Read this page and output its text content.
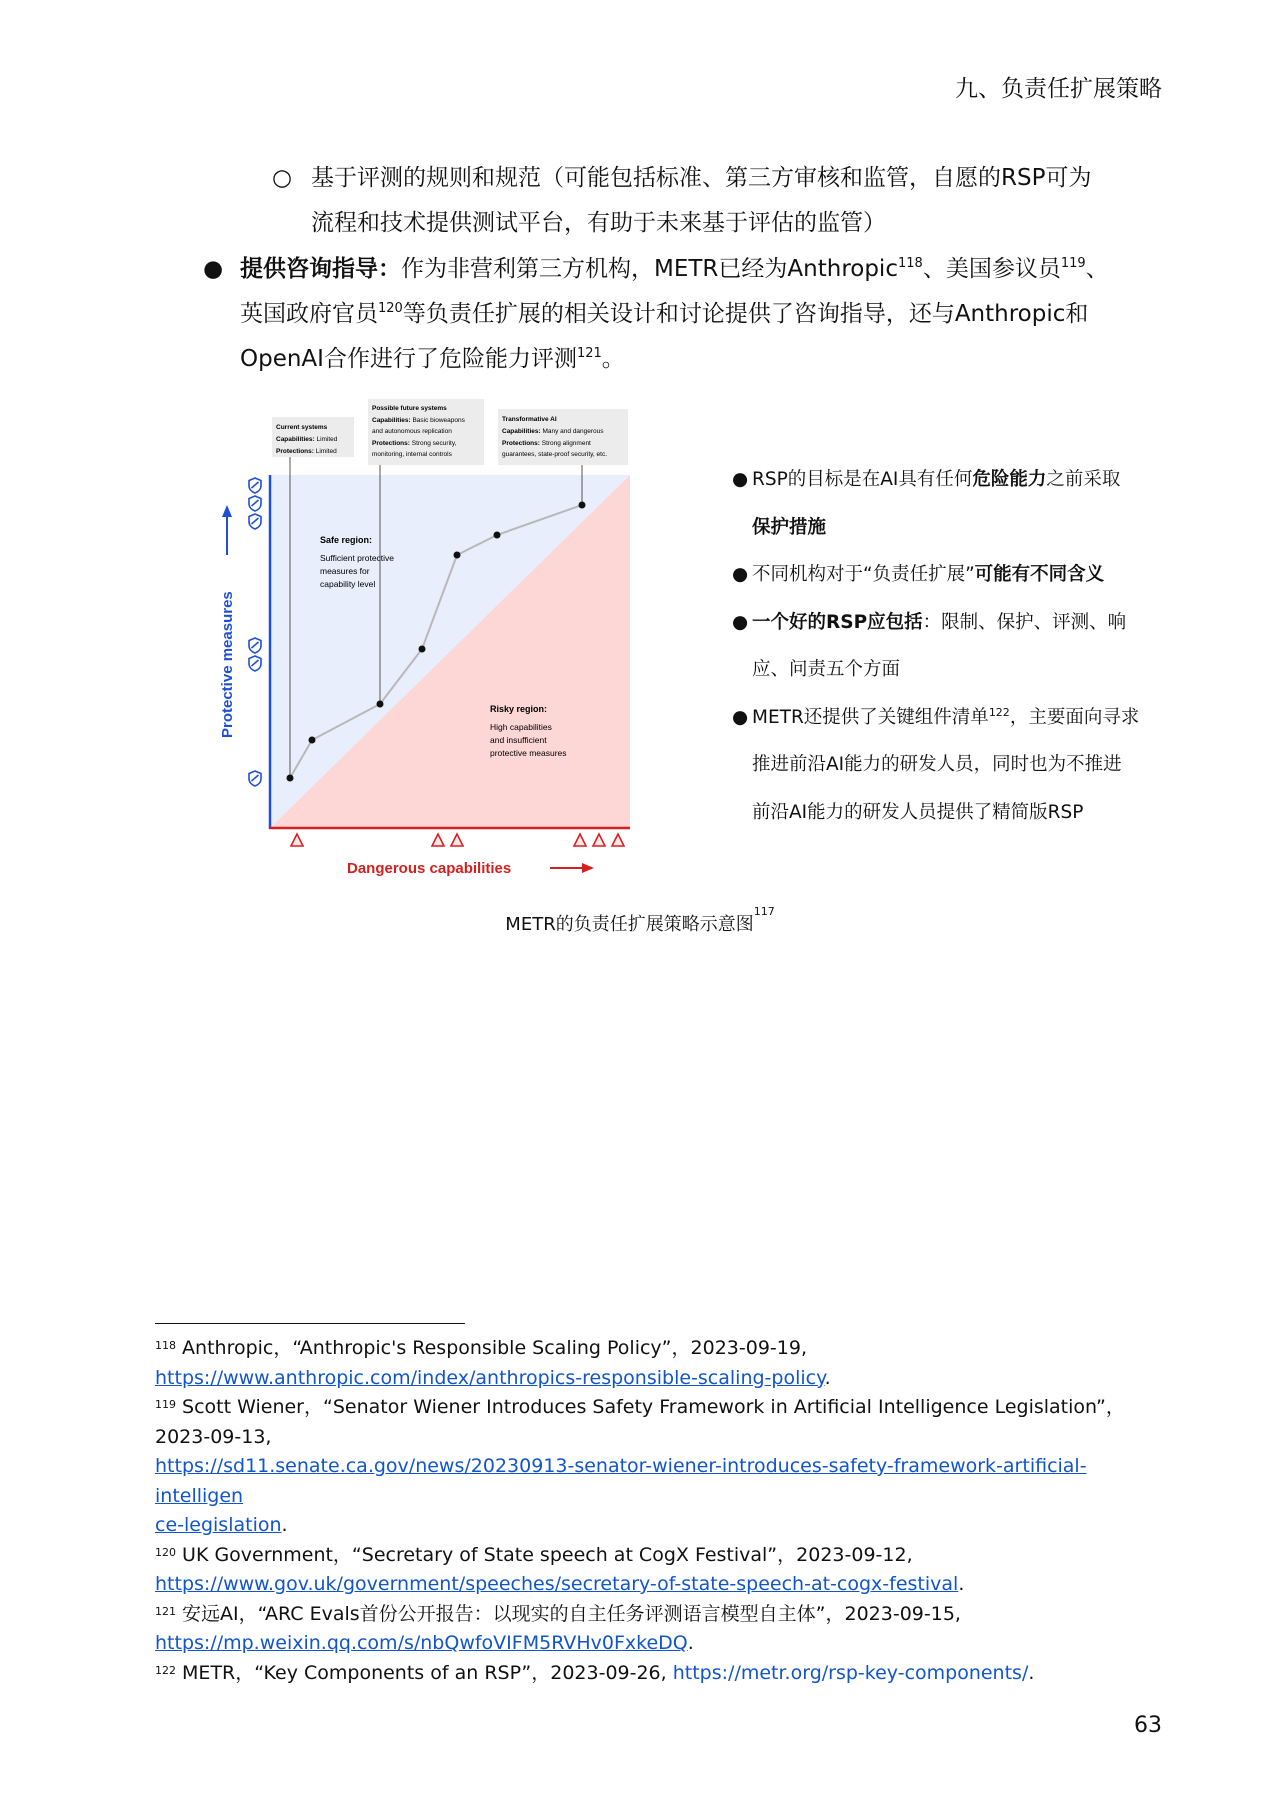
九、负责任扩展策略
○ 基于评测的规则和规范（可能包括标准、第三方审核和监管，自愿的RSP可为
流程和技术提供测试平台，有助于未来基于评估的监管）
● 提供咨询指导：作为非营利第三方机构，METR已经为Anthropic$^{118}$、美国参议员$^{119}$、
英国政府官员$^{120}$等负责任扩展的相关设计和讨论提供了咨询指导，还与Anthropic和
OpenAI合作进行了危险能力评测$^{121}$。
Current systems
Capabilities: Limited
Protections: Limited
Possible future systems
Capabilities: Basic bioweapons
and autonomous replication
Protections: Strong security,
monitoring, internal controls
Transformative AI
Capabilities: Many and dangerous
Protections: Strong alignment
guarantees, state-proof security, etc.
Safe region:
Sufficient protective
measures for
capability level
Risky region:
High capabilities
and insufficient
protective measures
Protective measures
Dangerous capabilities
● RSP的目标是在AI具有任何危险能力之前采取
保护措施
● 不同机构对于“负责任扩展”可能有不同含义
● 一个好的RSP应包括：限制、保护、评测、响
应、问责五个方面
● METR还提供了关键组件清单$^{122}$，主要面向寻求
推进前沿AI能力的研发人员，同时也为不推进
前沿AI能力的研发人员提供了精简版RSP
METR的负责任扩展策略示意图$^{117}$
$^{118}$ Anthropic，“Anthropic's Responsible Scaling Policy”，2023-09-19,
https://www.anthropic.com/index/anthropics-responsible-scaling-policy.
$^{119}$ Scott Wiener，“Senator Wiener Introduces Safety Framework in Artificial Intelligence Legislation”，
2023-09-13,
https://sd11.senate.ca.gov/news/20230913-senator-wiener-introduces-safety-framework-artificial-intelligen
ce-legislation.
$^{120}$ UK Government，“Secretary of State speech at CogX Festival”，2023-09-12,
https://www.gov.uk/government/speeches/secretary-of-state-speech-at-cogx-festival.
$^{121}$ 安远AI，“ARC Evals首份公开报告：以现实的自主任务评测语言模型自主体”，2023-09-15,
https://mp.weixin.qq.com/s/nbQwfoVIFM5RVHv0FxkeDQ.
$^{122}$ METR，“Key Components of an RSP”，2023-09-26, https://metr.org/rsp-key-components/.
63
